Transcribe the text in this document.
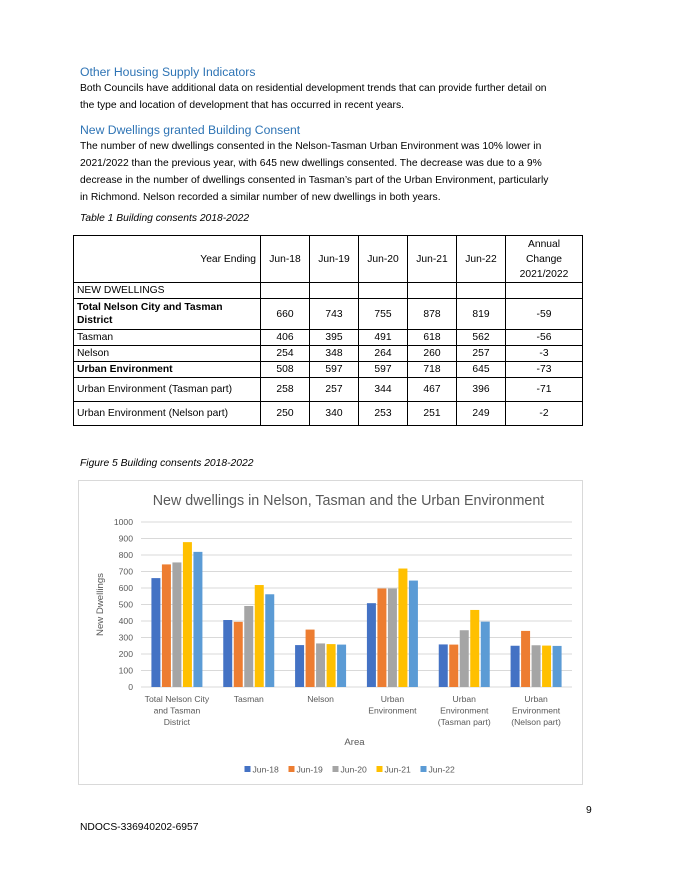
Other Housing Supply Indicators
Both Councils have additional data on residential development trends that can provide further detail on
the type and location of development that has occurred in recent years.
New Dwellings granted Building Consent
The number of new dwellings consented in the Nelson-Tasman Urban Environment was 10% lower in
2021/2022 than the previous year, with 645 new dwellings consented. The decrease was due to a 9%
decrease in the number of dwellings consented in Tasman’s part of the Urban Environment, particularly
in Richmond. Nelson recorded a similar number of new dwellings in both years.
Table 1 Building consents 2018-2022
Year Ending	Jun-18	Jun-19	Jun-20	Jun-21	Jun-22	Annual
Change
2021/2022

NEW DWELLINGS						
Total Nelson City and Tasman District	660	743	755	878	819	-59
Tasman	406	395	491	618	562	-56
Nelson	254	348	264	260	257	-3
Urban Environment	508	597	597	718	645	-73
Urban Environment (Tasman part)	258	257	344	467	396	-71
Urban Environment (Nelson part)	250	340	253	251	249	-2
Figure 5 Building consents 2018-2022
New dwellings in Nelson, Tasman and the Urban Environment
0
100
200
300
400
500
600
700
800
900
1000
New Dwellings
Total Nelson City
and Tasman
District
Tasman	Nelson	Urban
Environment
Urban
Environment
(Tasman part)
Urban
Environment
(Nelson part)
Area
Jun-18 Jun-19 Jun-20 Jun-21 Jun-22
9
NDOCS-336940202-6957
